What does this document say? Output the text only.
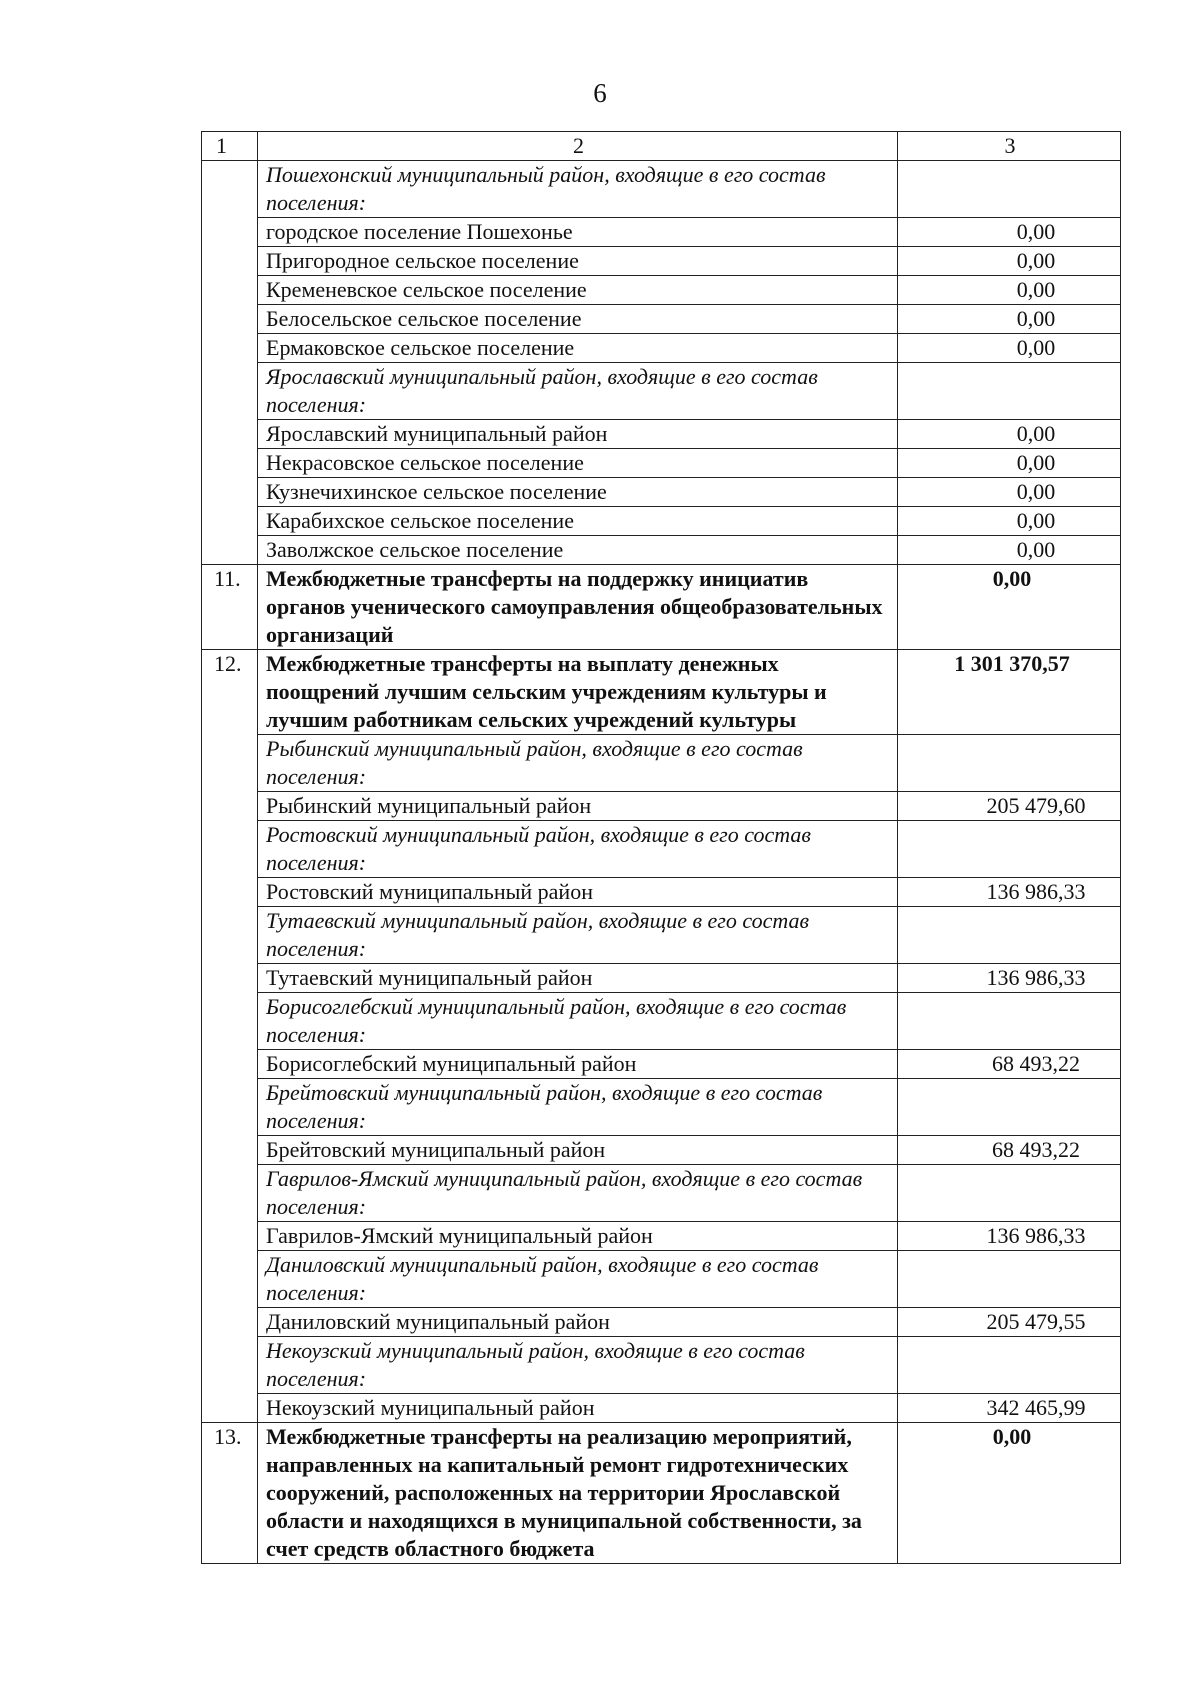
6
1	2	3
	Пошехонский муниципальный район, входящие в его состав поселения:	
	городское поселение Пошехонье	0,00
	Пригородное сельское поселение	0,00
	Кременевское сельское поселение	0,00
	Белосельское сельское поселение	0,00
	Ермаковское сельское поселение	0,00
	Ярославский муниципальный район, входящие в его состав поселения:	
	Ярославский муниципальный район	0,00
	Некрасовское сельское поселение	0,00
	Кузнечихинское сельское поселение	0,00
	Карабихское сельское поселение	0,00
	Заволжское сельское поселение	0,00
11.	Межбюджетные трансферты на поддержку инициатив органов ученического самоуправления общеобразовательных организаций	0,00
12.	Межбюджетные трансферты на выплату денежных поощрений лучшим сельским учреждениям культуры и лучшим работникам сельских учреждений культуры	1 301 370,57
	Рыбинский муниципальный район, входящие в его состав поселения:	
	Рыбинский муниципальный район	205 479,60
	Ростовский муниципальный район, входящие в его состав поселения:	
	Ростовский муниципальный район	136 986,33
	Тутаевский муниципальный район, входящие в его состав поселения:	
	Тутаевский муниципальный район	136 986,33
	Борисоглебский муниципальный район, входящие в его состав поселения:	
	Борисоглебский муниципальный район	68 493,22
	Брейтовский муниципальный район, входящие в его состав поселения:	
	Брейтовский муниципальный район	68 493,22
	Гаврилов-Ямский муниципальный район, входящие в его состав поселения:	
	Гаврилов-Ямский муниципальный район	136 986,33
	Даниловский муниципальный район, входящие в его состав поселения:	
	Даниловский муниципальный район	205 479,55
	Некоузский муниципальный район, входящие в его состав поселения:	
	Некоузский муниципальный район	342 465,99
13.	Межбюджетные трансферты на реализацию мероприятий, направленных на капитальный ремонт гидротехнических сооружений, расположенных на территории Ярославской области и находящихся в муниципальной собственности, за счет средств областного бюджета	0,00
